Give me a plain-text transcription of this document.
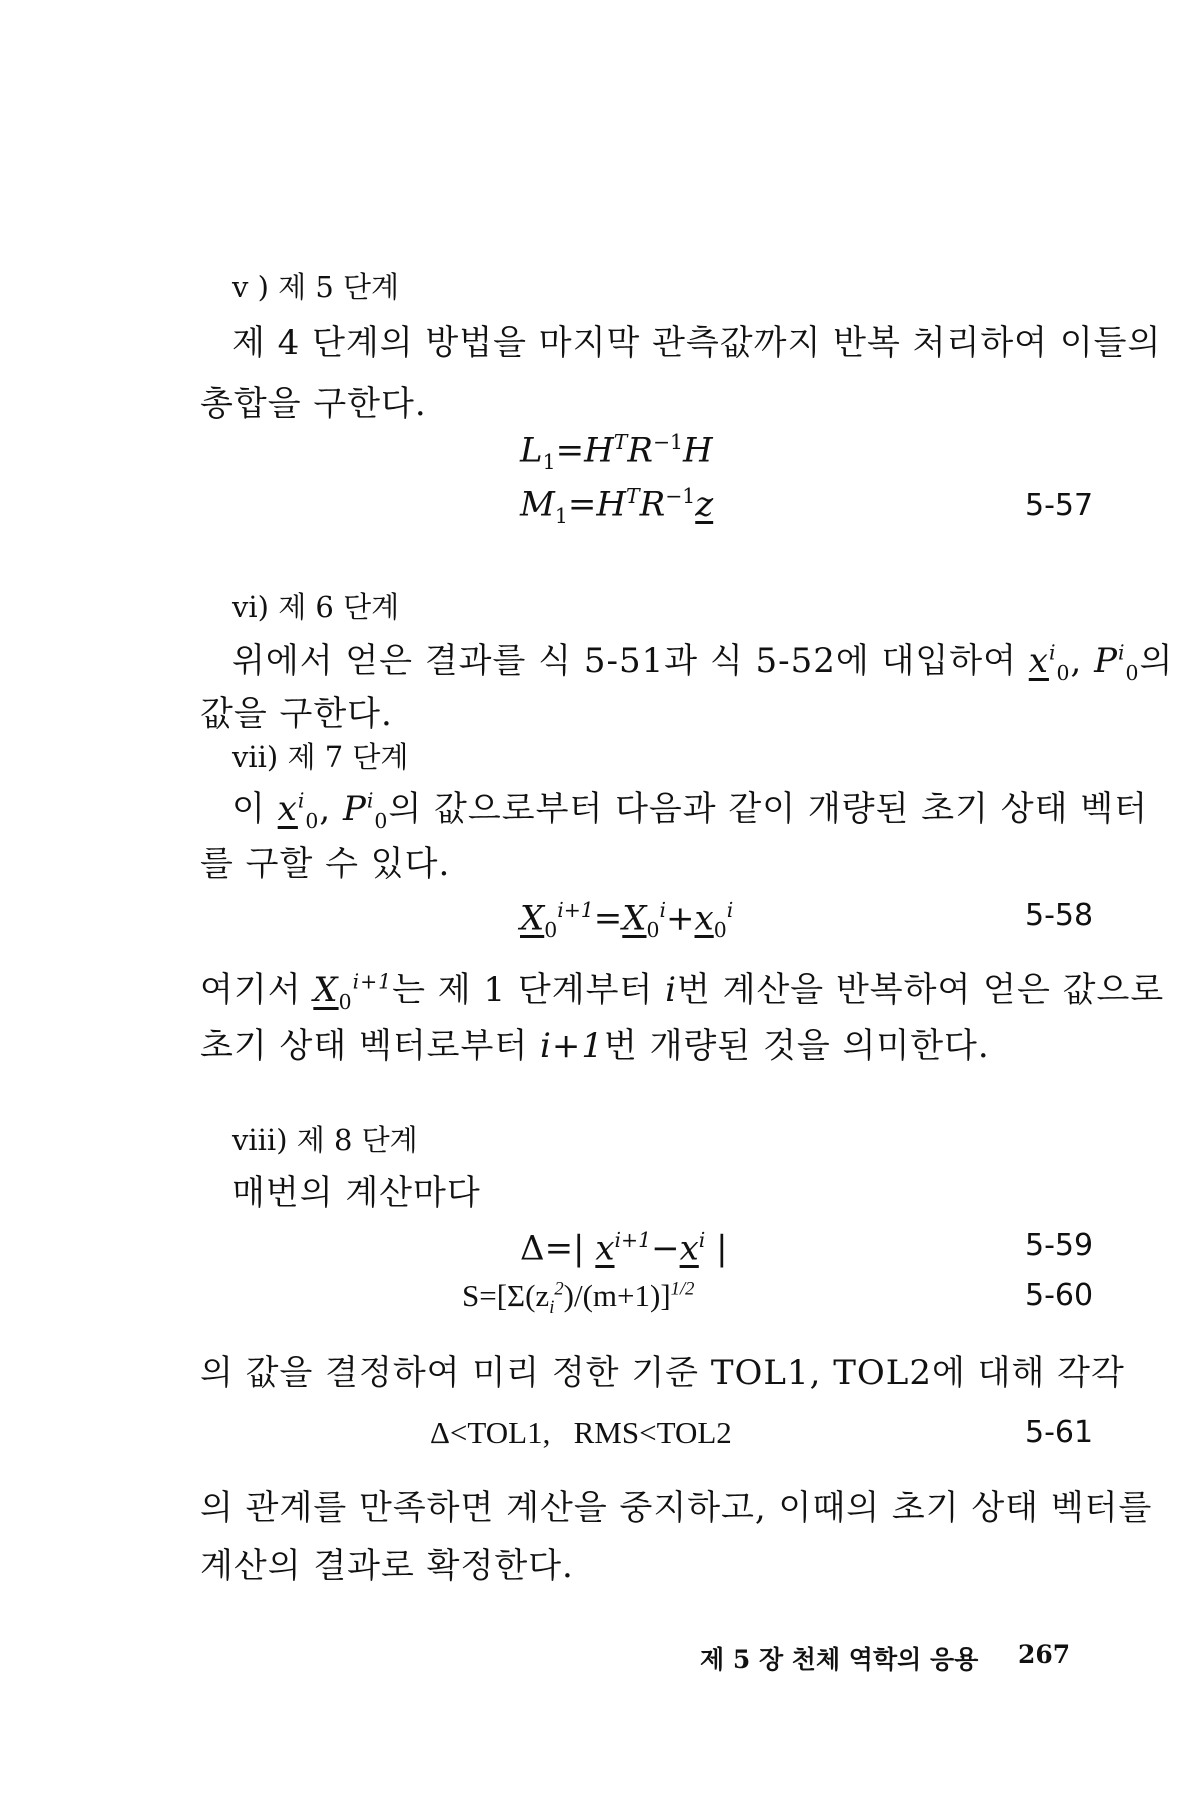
v ) 제 5 단계
제 4 단계의 방법을 마지막 관측값까지 반복 처리하여 이들의
총합을 구한다.
$L_1=H^TR^{-1}H$
$M_1=H^TR^{-1}z$	5-57
vi) 제 6 단계
위에서 얻은 결과를 식 5-51과 식 5-52에 대입하여 $x^i_0$, $P^i_0$의
값을 구한다.
vii) 제 7 단계
이 $x^i_0$, $P^i_0$의 값으로부터 다음과 같이 개량된 초기 상태 벡터
를 구할 수 있다.
$X_0^{i+1}=X_0^i+x_0^i$	5-58
여기서 $X_0^{i+1}$는 제 1 단계부터 i번 계산을 반복하여 얻은 값으로
초기 상태 벡터로부터 i+1번 개량된 것을 의미한다.
viii) 제 8 단계
매번의 계산마다
Δ=| $x^{i+1}-x^i$ |	5-59
$S=[\Sigma(z_i^2)/(m+1)]^{1/2}$	5-60
의 값을 결정하여 미리 정한 기준 TOL1, TOL2에 대해 각각
Δ<TOL1, RMS<TOL2	5-61
의 관계를 만족하면 계산을 중지하고, 이때의 초기 상태 벡터를
계산의 결과로 확정한다.
제 5 장 천체 역학의 응용 267
